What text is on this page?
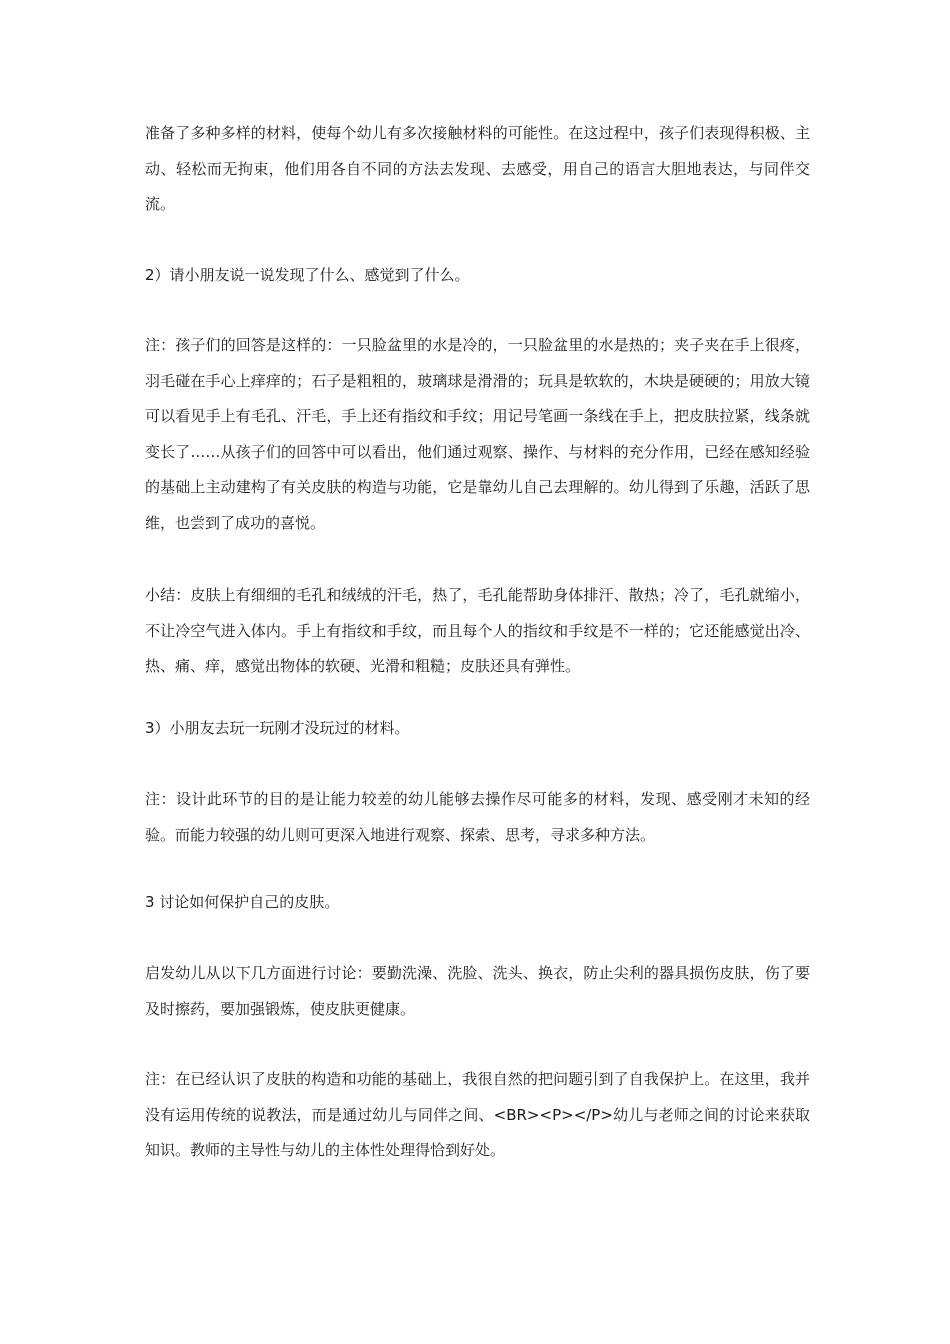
准备了多种多样的材料，使每个幼儿有多次接触材料的可能性。在这过程中，孩子们表现得积极、主动、轻松而无拘束，他们用各自不同的方法去发现、去感受，用自己的语言大胆地表达，与同伴交流。

2）请小朋友说一说发现了什么、感觉到了什么。

注：孩子们的回答是这样的：一只脸盆里的水是冷的，一只脸盆里的水是热的；夹子夹在手上很疼，羽毛碰在手心上痒痒的；石子是粗粗的，玻璃球是滑滑的；玩具是软软的，木块是硬硬的；用放大镜可以看见手上有毛孔、汗毛，手上还有指纹和手纹；用记号笔画一条线在手上，把皮肤拉紧，线条就变长了……从孩子们的回答中可以看出，他们通过观察、操作、与材料的充分作用，已经在感知经验的基础上主动建构了有关皮肤的构造与功能，它是靠幼儿自己去理解的。幼儿得到了乐趣，活跃了思维，也尝到了成功的喜悦。

小结：皮肤上有细细的毛孔和绒绒的汗毛，热了，毛孔能帮助身体排汗、散热；冷了，毛孔就缩小，不让冷空气进入体内。手上有指纹和手纹，而且每个人的指纹和手纹是不一样的；它还能感觉出冷、热、痛、痒，感觉出物体的软硬、光滑和粗糙；皮肤还具有弹性。

3）小朋友去玩一玩刚才没玩过的材料。

注：设计此环节的目的是让能力较差的幼儿能够去操作尽可能多的材料，发现、感受刚才未知的经验。而能力较强的幼儿则可更深入地进行观察、探索、思考，寻求多种方法。

3 讨论如何保护自己的皮肤。

启发幼儿从以下几方面进行讨论：要勤洗澡、洗脸、洗头、换衣，防止尖利的器具损伤皮肤，伤了要及时擦药，要加强锻炼，使皮肤更健康。

注：在已经认识了皮肤的构造和功能的基础上，我很自然的把问题引到了自我保护上。在这里，我并没有运用传统的说教法，而是通过幼儿与同伴之间、<BR><P></P>幼儿与老师之间的讨论来获取知识。教师的主导性与幼儿的主体性处理得恰到好处。
